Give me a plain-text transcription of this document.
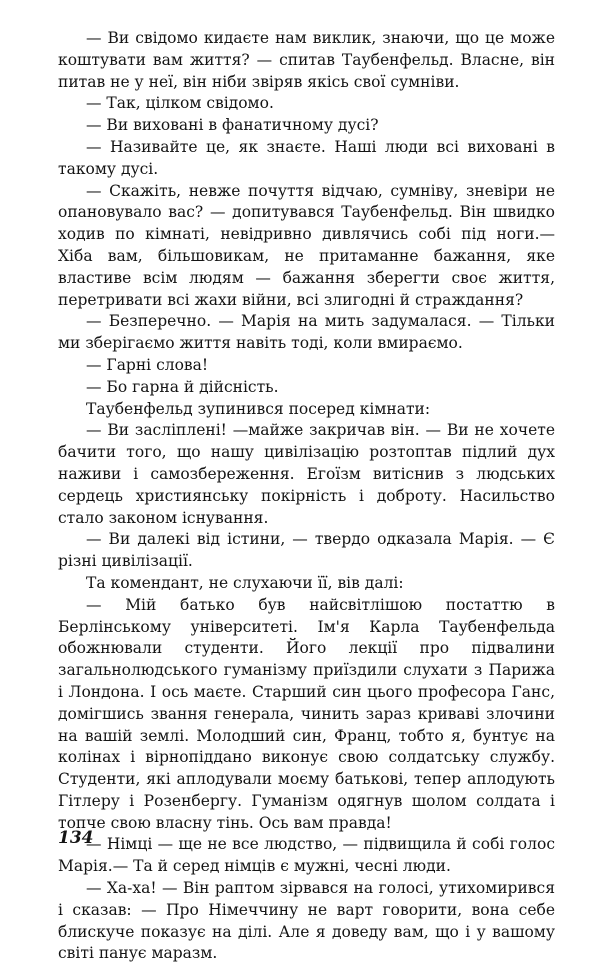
— Ви свідомо кидаєте нам виклик, знаючи, що це може коштувати вам життя? — спитав Таубенфельд. Власне, він питав не у неї, він ніби звіряв якісь свої сумніви.

— Так, цілком свідомо.

— Ви виховані в фанатичному дусі?

— Називайте це, як знаєте. Наші люди всі виховані в такому дусі.

— Скажіть, невже почуття відчаю, сумніву, зневіри не опановувало вас? — допитувався Таубенфельд. Він швидко ходив по кімнаті, невідривно дивлячись собі під ноги.— Хіба вам, більшовикам, не притаманне бажання, яке властиве всім людям — бажання зберегти своє життя, перетривати всі жахи війни, всі злигодні й страждання?

— Безперечно. — Марія на мить задумалася. — Тільки ми зберігаємо життя навіть тоді, коли вмираємо.

— Гарні слова!

— Бо гарна й дійсність.

Таубенфельд зупинився посеред кімнати:

— Ви засліплені! —майже закричав він. — Ви не хочете бачити того, що нашу цивілізацію розтоптав підлий дух наживи і самозбереження. Егоїзм витіснив з людських сердець християнську покірність і доброту. Насильство стало законом існування.

— Ви далекі від істини, — твердо одказала Марія. — Є різні цивілізації.

Та комендант, не слухаючи її, вів далі:

— Мій батько був найсвітлішою постаттю в Берлінському університеті. Ім'я Карла Таубенфельда обожнювали студенти. Його лекції про підвалини загальнолюдського гуманізму приїздили слухати з Парижа і Лондона. І ось маєте. Старший син цього професора Ганс, домігшись звання генерала, чинить зараз криваві злочини на вашій землі. Молодший син, Франц, тобто я, бунтує на колінах і вірнопіддано виконує свою солдатську службу. Студенти, які аплодували моєму батькові, тепер аплодують Гітлеру і Розенбергу. Гуманізм одягнув шолом солдата і топче свою власну тінь. Ось вам правда!

— Німці — ще не все людство, — підвищила й собі голос Марія.— Та й серед німців є мужні, чесні люди.

— Ха-ха! — Він раптом зірвався на голосі, утихомирився і сказав: — Про Німеччину не варт говорити, вона себе блискуче показує на ділі. Але я доведу вам, що і у вашому світі панує маразм.

134
